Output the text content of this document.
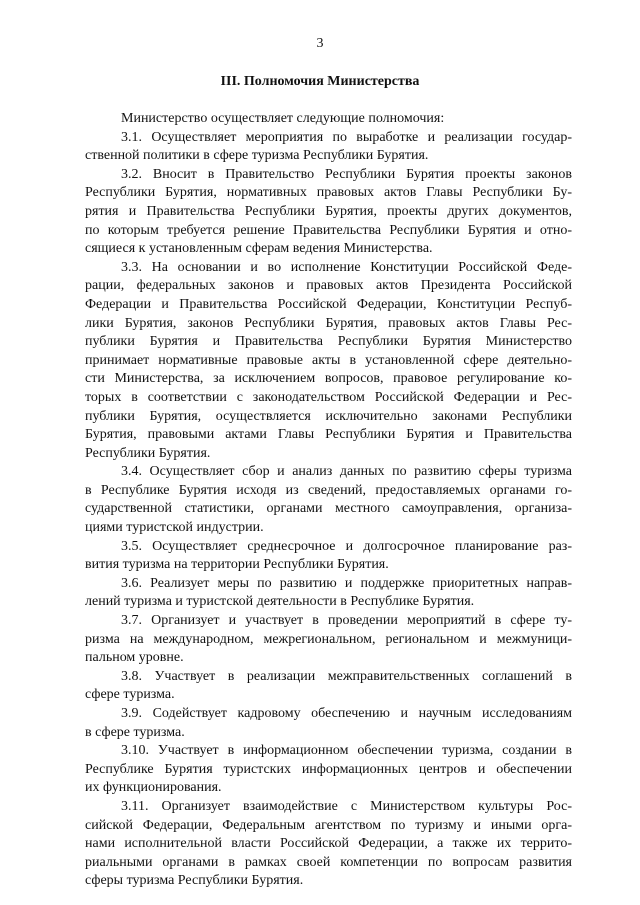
3
III. Полномочия Министерства
Министерство осуществляет следующие полномочия:
3.1. Осуществляет мероприятия по выработке и реализации государ-
ственной политики в сфере туризма Республики Бурятия.
3.2. Вносит в Правительство Республики Бурятия проекты законов
Республики Бурятия, нормативных правовых актов Главы Республики Бу-
рятия и Правительства Республики Бурятия, проекты других документов,
по которым требуется решение Правительства Республики Бурятия и отно-
сящиеся к установленным сферам ведения Министерства.
3.3. На основании и во исполнение Конституции Российской Феде-
рации, федеральных законов и правовых актов Президента Российской
Федерации и Правительства Российской Федерации, Конституции Респуб-
лики Бурятия, законов Республики Бурятия, правовых актов Главы Рес-
публики Бурятия и Правительства Республики Бурятия Министерство
принимает нормативные правовые акты в установленной сфере деятельно-
сти Министерства, за исключением вопросов, правовое регулирование ко-
торых в соответствии с законодательством Российской Федерации и Рес-
публики Бурятия, осуществляется исключительно законами Республики
Бурятия, правовыми актами Главы Республики Бурятия и Правительства
Республики Бурятия.
3.4. Осуществляет сбор и анализ данных по развитию сферы туризма
в Республике Бурятия исходя из сведений, предоставляемых органами го-
сударственной статистики, органами местного самоуправления, организа-
циями туристской индустрии.
3.5. Осуществляет среднесрочное и долгосрочное планирование раз-
вития туризма на территории Республики Бурятия.
3.6. Реализует меры по развитию и поддержке приоритетных направ-
лений туризма и туристской деятельности в Республике Бурятия.
3.7. Организует и участвует в проведении мероприятий в сфере ту-
ризма на международном, межрегиональном, региональном и межмуници-
пальном уровне.
3.8. Участвует в реализации межправительственных соглашений в
сфере туризма.
3.9. Содействует кадровому обеспечению и научным исследованиям
в сфере туризма.
3.10. Участвует в информационном обеспечении туризма, создании в
Республике Бурятия туристских информационных центров и обеспечении
их функционирования.
3.11. Организует взаимодействие с Министерством культуры Рос-
сийской Федерации, Федеральным агентством по туризму и иными орга-
нами исполнительной власти Российской Федерации, а также их террито-
риальными органами в рамках своей компетенции по вопросам развития
сферы туризма Республики Бурятия.
